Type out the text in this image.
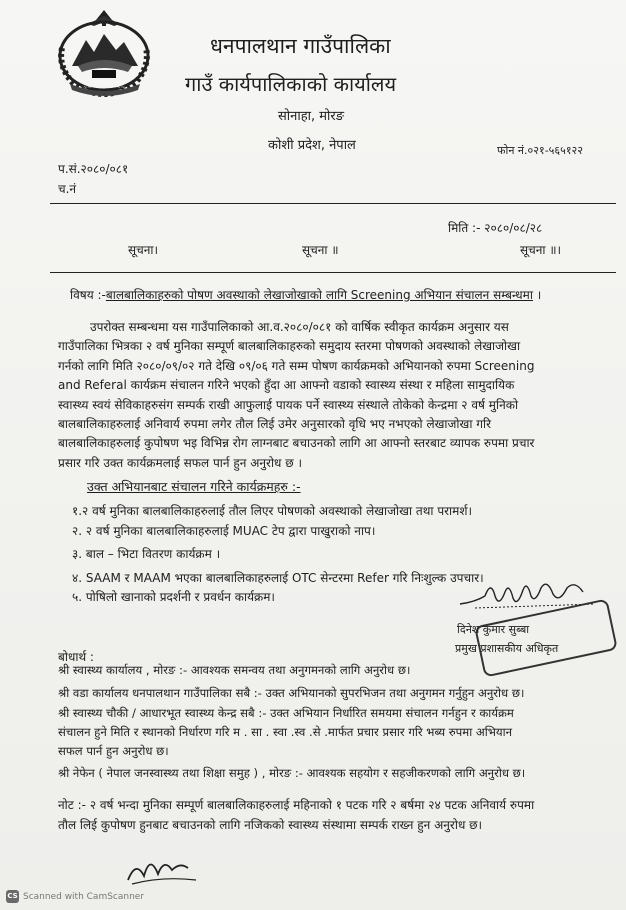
~~~~~~~~~~
धनपालथान गाउँपालिका
गाउँ कार्यपालिकाको कार्यालय
सोनाहा, मोरङ
कोशी प्रदेश, नेपाल	फोन नं.०२१-५६५१२२
प.सं.२०८०/०८१
च.नं
मिति :- २०८०/०८/२८
सूचना।	सूचना ॥	सूचना ॥।
विषय :-बालबालिकाहरुको पोषण अवस्थाको लेखाजोखाको लागि Screening अभियान संचालन सम्बन्धमा ।
उपरोक्त सम्बन्धमा यस गाउँपालिकाको आ.व.२०८०/०८१ को वार्षिक स्वीकृत कार्यक्रम अनुसार यस
गाउँपालिका भित्रका २ वर्ष मुनिका सम्पूर्ण बालबालिकाहरुको समुदाय स्तरमा पोषणको अवस्थाको लेखाजोखा
गर्नको लागि मिति २०८०/०९/०२ गते देखि ०९/०६ गते सम्म पोषण कार्यक्रमको अभियानको रुपमा Screening
and Referal कार्यक्रम संचालन गरिने भएको हुँदा आ आफ्नो वडाको स्वास्थ्य संस्था र महिला सामुदायिक
स्वास्थ्य स्वयं सेविकाहरुसंग सम्पर्क राखी आफुलाई पायक पर्ने स्वास्थ्य संस्थाले तोकेको केन्द्रमा २ वर्ष मुनिको
बालबालिकाहरुलाई अनिवार्य रुपमा लगेर तौल लिई उमेर अनुसारको वृधि भए नभएको लेखाजोखा गरि
बालबालिकाहरुलाई कुपोषण भइ विभिन्न रोग लाग्नबाट बचाउनको लागि आ आफ्नो स्तरबाट व्यापक रुपमा प्रचार
प्रसार गरि उक्त कार्यक्रमलाई सफल पार्न हुन अनुरोध छ ।
उक्त अभियानबाट संचालन गरिने कार्यक्रमहरु :-
१.२ वर्ष मुनिका बालबालिकाहरुलाई तौल लिएर पोषणको अवस्थाको लेखाजोखा तथा परामर्श।
२. २ वर्ष मुनिका बालबालिकाहरुलाई MUAC टेप द्वारा पाखुराको नाप।
३. बाल – भिटा वितरण कार्यक्रम ।
४. SAAM र MAAM भएका बालबालिकाहरुलाई OTC सेन्टरमा Refer गरि निःशुल्क उपचार।
५. पोषिलो खानाको प्रदर्शनी र प्रवर्धन कार्यक्रम।
दिनेश कुमार सुब्बा
प्रमुख प्रशासकीय अधिकृत
बोधार्थ :
श्री स्वास्थ्य कार्यालय , मोरङ :- आवश्यक समन्वय तथा अनुगमनको लागि अनुरोध छ।
श्री वडा कार्यालय धनपालथान गाउँपालिका सबै :- उक्त अभियानको सुपरभिजन तथा अनुगमन गर्नुहुन अनुरोध छ।
श्री स्वास्थ्य चौकी / आधारभूत स्वास्थ्य केन्द्र सबै :- उक्त अभियान निर्धारित समयमा संचालन गर्नहुन र कार्यक्रम
संचालन हुने मिति र स्थानको निर्धारण गरि म . सा . स्वा .स्व .से .मार्फत प्रचार प्रसार गरि भब्य रुपमा अभियान
सफल पार्न हुन अनुरोध छ।
श्री नेफेन ( नेपाल जनस्वास्थ्य तथा शिक्षा समुह ) , मोरङ :- आवश्यक सहयोग र सहजीकरणको लागि अनुरोध छ।
नोट :- २ वर्ष भन्दा मुनिका सम्पूर्ण बालबालिकाहरुलाई महिनाको १ पटक गरि २ बर्षमा २४ पटक अनिवार्य रुपमा
तौल लिई कुपोषण हुनबाट बचाउनको लागि नजिकको स्वास्थ्य संस्थामा सम्पर्क राख्न हुन अनुरोध छ।
CS Scanned with CamScanner
